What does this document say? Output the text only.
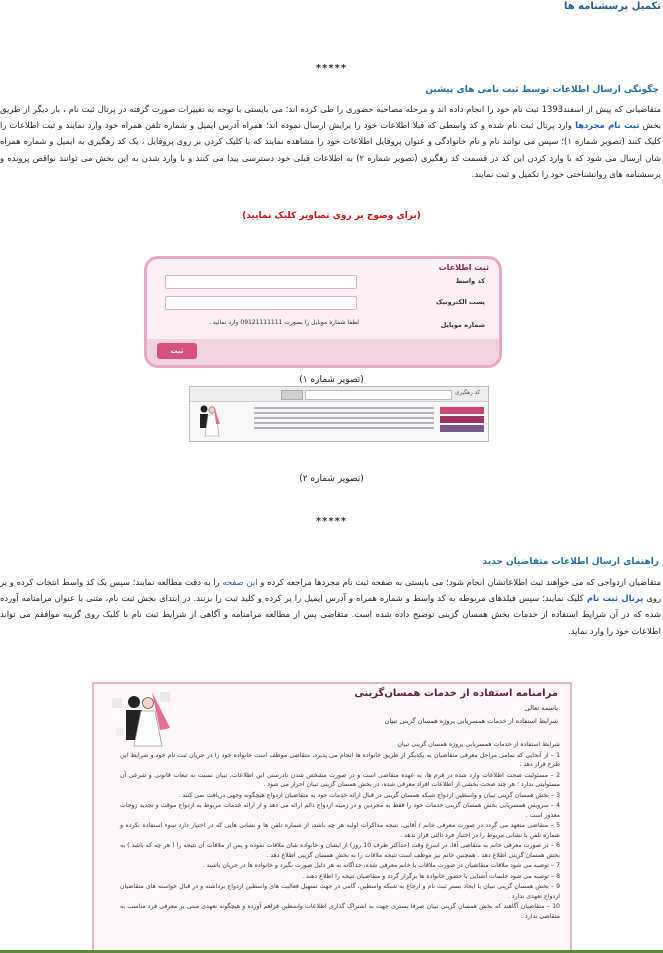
تکمیل پرسشنامه ها
*****
چگونگی ارسال اطلاعات توسط ثبت نامی های پیشین

متقاضیانی که پیش از اسفند1393 ثبت نام خود را انجام داده اند و مرحله مصاحبه حضوری را طی کرده اند؛ می بایستی با توجه به تغییرات صورت گرفته در پرتال ثبت نام ، بار دیگر از طریق بخش ثبت نام مجردها وارد پرتال ثبت نام شده و کد واسطی که قبلا اطلاعات خود را برایش ارسال نموده اند؛ همراه آدرس ایمیل و شماره تلفن همراه خود وارد نمایند و ثبت اطلاعات را کلیک کنند (تصویر شماره ۱)؛ سپس می توانند نام و نام خانوادگی و عنوان پروفایل اطلاعات خود را مشاهده نمایند که با کلیک کردن بر روی پروفایل ، یک کد رهگیری به ایمیل و شماره همراه شان ارسال می شود که با وارد کردن این کد در قسمت کد رهگیری (تصویر شماره ۲) به اطلاعات قبلی خود دسترسی پیدا می کنند و با وارد شدن به این بخش می توانند نواقص پرونده و پرسشنامه های روانشناختی خود را تکمیل و ثبت نمایند.

(برای وضوح بر روی تصاویر کلیک نمایید)
ثبت اطلاعات
کد واسط
پست الکترونیک
شماره موبایل
لطفا شماره موبایل را بصورت 09121111111 وارد نمائید .
ثبت
(تصویر شماره ۱)
کد رهگیری
(تصویر شماره ۲)
*****
راهنمای ارسال اطلاعات متقاضیان جدید

متقاضیان ازدواجی که می خواهند ثبت اطلاعاتشان انجام شود؛ می بایستی به صفحه ثبت نام مجردها مراجعه کرده و این صفحه را به دقت مطالعه نمایند؛ سپس یک کد واسط انتخاب کرده و بر روی پرتال ثبت نام کلیک نمایند؛ سپس فیلدهای مربوطه به کد واسط و شماره همراه و آدرس ایمیل را پر کرده و کلید ثبت را بزنند. در ابتدای بخش ثبت نام، متنی با عنوان مرامنامه آورده شده که در آن شرایط استفاده از خدمات بخش همسان گزینی توضیح داده شده است. متقاضی پس از مطالعه مرامنامه و آگاهی از شرایط ثبت نام با کلیک روی گزینه موافقم می تواند اطلاعات خود را وارد نماید.

مرامنامه استفاده از خدمات همسان‌گزینی
باسمه تعالی
شرایط استفاده از خدمات همسریابی پروژه همسان گزینی تبیان

شرایط استفاده از خدمات همسریابی پروژه همسان گزینی تبیان

1 – از آنجایی که تمامی مراحل معرفی متقاضیان به یکدیگر از طریق خانواده ها انجام می پذیرد، متقاضی موظف است خانواده خود را در جریان ثبت نام خود و شرایط این طرح قرار دهد .

2 – مسئولیت صحت اطلاعات وارد شده در فرم ها، به عهده متقاضی است و در صورت مشخص شدن نادرستی این اطلاعات، تبیان نسبت به تبعات قانونی و شرعی آن مسئولیتی ندارد ؛ هر چند صحت بخشی از اطلاعات افراد معرفی شده، در بخش همسان گزینی تبیان احراز می شود .

3 – بخش همسان گزینی تبیان و واسطین ازدواج شبکه همسان گزینی در قبال ارائه خدمات خود به متقاضیان ازدواج هیچگونه وجهی دریافت نمی کنند .

4 – سرویس همسریابی بخش همسان گزینی خدمات خود را فقط به مجردین و در زمینه ازدواج دائم ارائه می دهد و از ارائه خدمات مربوط به ازدواج موقت و تجدید زوجات معذور است .

5 – متقاضی متعهد می گردد در صورت معرفی خانم / آقایی، نتیجه مذاکرات اولیه هر چه باشد، از شماره تلفن ها و نشانی هایی که در اختیار دارد سوء استفاده نکرده و شماره تلفن یا نشانی مربوط را در اختیار فرد ثالثی قرار ندهد .

6 – در صورت معرفی خانم به متقاضی آقا، در اسرع وقت (حداکثر ظرف 10 روز) از ایشان و خانواده شان ملاقات نموده و پس از ملاقات آن نتیجه را ( هر چه که باشد ) به بخش همسان گزینی اطلاع دهد . همچنین خانم نیز موظف است نتیجه ملاقات را به بخش همسان گزینی اطلاع دهد .

7 – توصیه می شود ملاقات متقاضیان در صورت ملاقات با خانم معرفی شده، جداگانه به هر دلیل صورت نگیرد و خانواده ها در جریان باشند .

8 – توصیه می شود جلسات آشنایی با حضور خانواده ها برگزار گردد و متقاضیان نتیجه را اطلاع دهند .

9 – بخش همسان گزینی تبیان با ایجاد بستر ثبت نام و ارجاع به شبکه واسطین، گامی در جهت تسهیل فعالیت های واسطین ازدواج برداشته و در قبال خواسته های متقاضیان ازدواج تعهدی ندارد .

10 – متقاضیان آگاهند که بخش همسان گزینی تبیان صرفا بستری جهت به اشتراک گذاری اطلاعات واسطین فراهم آورده و هیچگونه تعهدی مبنی بر معرفی فرد مناسب به متقاضی ندارد .
